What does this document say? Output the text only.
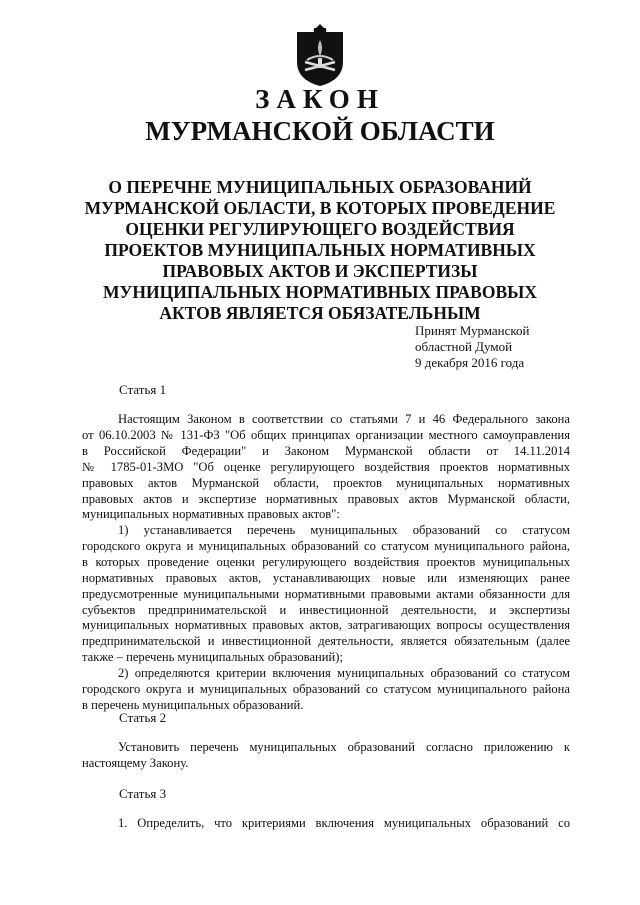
ЗАКОН
МУРМАНСКОЙ ОБЛАСТИ
О ПЕРЕЧНЕ МУНИЦИПАЛЬНЫХ ОБРАЗОВАНИЙ
МУРМАНСКОЙ ОБЛАСТИ, В КОТОРЫХ ПРОВЕДЕНИЕ
ОЦЕНКИ РЕГУЛИРУЮЩЕГО ВОЗДЕЙСТВИЯ
ПРОЕКТОВ МУНИЦИПАЛЬНЫХ НОРМАТИВНЫХ
ПРАВОВЫХ АКТОВ И ЭКСПЕРТИЗЫ
МУНИЦИПАЛЬНЫХ НОРМАТИВНЫХ ПРАВОВЫХ
АКТОВ ЯВЛЯЕТСЯ ОБЯЗАТЕЛЬНЫМ
Принят Мурманской
областной Думой
9 декабря 2016 года
Статья 1
Настоящим Законом в соответствии со статьями 7 и 46 Федерального закона
от 06.10.2003 № 131-ФЗ "Об общих принципах организации местного самоуправления
в Российской Федерации" и Законом Мурманской области от 14.11.2014
№ 1785-01-ЗМО "Об оценке регулирующего воздействия проектов нормативных
правовых актов Мурманской области, проектов муниципальных нормативных
правовых актов и экспертизе нормативных правовых актов Мурманской области,
муниципальных нормативных правовых актов":
1) устанавливается перечень муниципальных образований со статусом
городского округа и муниципальных образований со статусом муниципального района,
в которых проведение оценки регулирующего воздействия проектов муниципальных
нормативных правовых актов, устанавливающих новые или изменяющих ранее
предусмотренные муниципальными нормативными правовыми актами обязанности для
субъектов предпринимательской и инвестиционной деятельности, и экспертизы
муниципальных нормативных правовых актов, затрагивающих вопросы осуществления
предпринимательской и инвестиционной деятельности, является обязательным (далее
также – перечень муниципальных образований);
2) определяются критерии включения муниципальных образований со статусом
городского округа и муниципальных образований со статусом муниципального района
в перечень муниципальных образований.
Статья 2
Установить перечень муниципальных образований согласно приложению к
настоящему Закону.
Статья 3
1. Определить, что критериями включения муниципальных образований со
